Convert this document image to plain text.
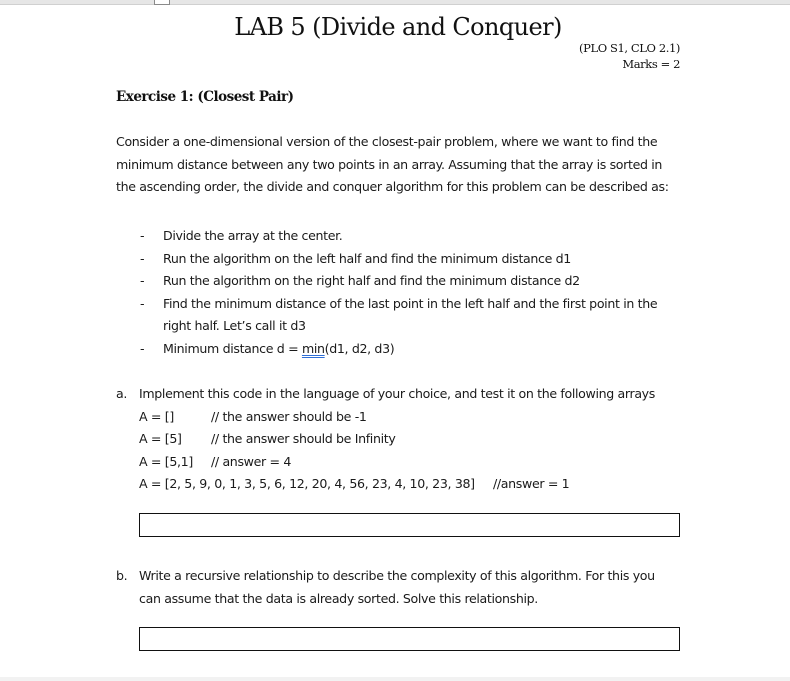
LAB 5 (Divide and Conquer)
(PLO S1, CLO 2.1)
Marks = 2
Exercise 1: (Closest Pair)
Consider a one-dimensional version of the closest-pair problem, where we want to find the
minimum distance between any two points in an array. Assuming that the array is sorted in
the ascending order, the divide and conquer algorithm for this problem can be described as:
- Divide the array at the center.
- Run the algorithm on the left half and find the minimum distance d1
- Run the algorithm on the right half and find the minimum distance d2
- Find the minimum distance of the last point in the left half and the first point in the
right half. Let’s call it d3
- Minimum distance d = min(d1, d2, d3)
a. Implement this code in the language of your choice, and test it on the following arrays
A = []	// the answer should be -1
A = [5] // the answer should be Infinity
A = [5,1] // answer = 4
A = [2, 5, 9, 0, 1, 3, 5, 6, 12, 20, 4, 56, 23, 4, 10, 23, 38] //answer = 1
b. Write a recursive relationship to describe the complexity of this algorithm. For this you
can assume that the data is already sorted. Solve this relationship.
